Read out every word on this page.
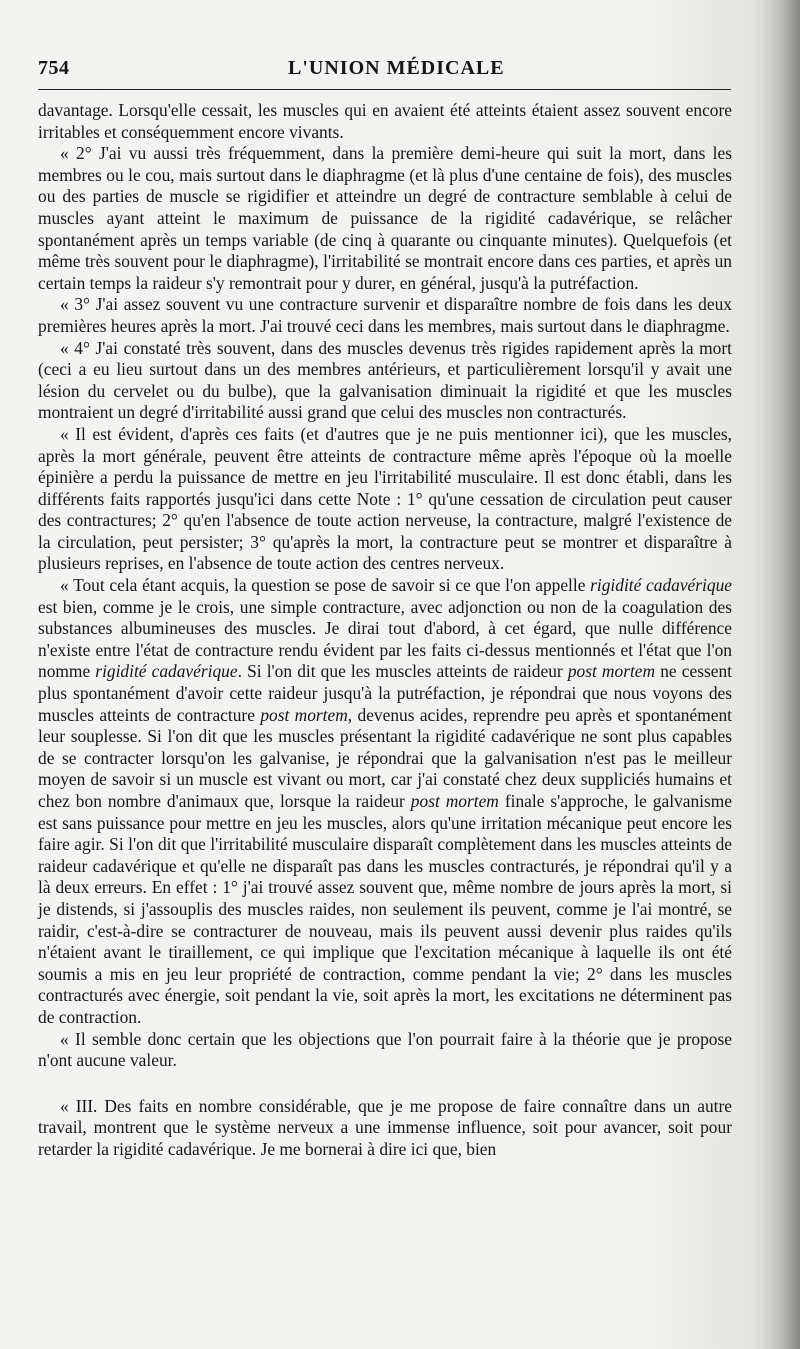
754	L'UNION MÉDICALE

davantage. Lorsqu'elle cessait, les muscles qui en avaient été atteints étaient assez souvent encore irritables et conséquemment encore vivants.

« 2° J'ai vu aussi très fréquemment, dans la première demi-heure qui suit la mort, dans les membres ou le cou, mais surtout dans le diaphragme (et là plus d'une centaine de fois), des muscles ou des parties de muscle se rigidifier et atteindre un degré de contracture semblable à celui de muscles ayant atteint le maximum de puissance de la rigidité cadavérique, se relâcher spontanément après un temps variable (de cinq à quarante ou cinquante minutes). Quelquefois (et même très souvent pour le diaphragme), l'irritabilité se montrait encore dans ces parties, et après un certain temps la raideur s'y remontrait pour y durer, en général, jusqu'à la putréfaction.

« 3° J'ai assez souvent vu une contracture survenir et disparaître nombre de fois dans les deux premières heures après la mort. J'ai trouvé ceci dans les membres, mais surtout dans le diaphragme.

« 4° J'ai constaté très souvent, dans des muscles devenus très rigides rapidement après la mort (ceci a eu lieu surtout dans un des membres antérieurs, et particulièrement lorsqu'il y avait une lésion du cervelet ou du bulbe), que la galvanisation diminuait la rigidité et que les muscles montraient un degré d'irritabilité aussi grand que celui des muscles non contracturés.

« Il est évident, d'après ces faits (et d'autres que je ne puis mentionner ici), que les muscles, après la mort générale, peuvent être atteints de contracture même après l'époque où la moelle épinière a perdu la puissance de mettre en jeu l'irritabilité musculaire. Il est donc établi, dans les différents faits rapportés jusqu'ici dans cette Note : 1° qu'une cessation de circulation peut causer des contractures; 2° qu'en l'absence de toute action nerveuse, la contracture, malgré l'existence de la circulation, peut persister; 3° qu'après la mort, la contracture peut se montrer et disparaître à plusieurs reprises, en l'absence de toute action des centres nerveux.

« Tout cela étant acquis, la question se pose de savoir si ce que l'on appelle rigidité cadavérique est bien, comme je le crois, une simple contracture, avec adjonction ou non de la coagulation des substances albumineuses des muscles. Je dirai tout d'abord, à cet égard, que nulle différence n'existe entre l'état de contracture rendu évident par les faits ci-dessus mentionnés et l'état que l'on nomme rigidité cadavérique. Si l'on dit que les muscles atteints de raideur post mortem ne cessent plus spontanément d'avoir cette raideur jusqu'à la putréfaction, je répondrai que nous voyons des muscles atteints de contracture post mortem, devenus acides, reprendre peu après et spontanément leur souplesse. Si l'on dit que les muscles présentant la rigidité cadavérique ne sont plus capables de se contracter lorsqu'on les galvanise, je répondrai que la galvanisation n'est pas le meilleur moyen de savoir si un muscle est vivant ou mort, car j'ai constaté chez deux suppliciés humains et chez bon nombre d'animaux que, lorsque la raideur post mortem finale s'approche, le galvanisme est sans puissance pour mettre en jeu les muscles, alors qu'une irritation mécanique peut encore les faire agir. Si l'on dit que l'irritabilité musculaire disparaît complètement dans les muscles atteints de raideur cadavérique et qu'elle ne disparaît pas dans les muscles contracturés, je répondrai qu'il y a là deux erreurs. En effet : 1° j'ai trouvé assez souvent que, même nombre de jours après la mort, si je distends, si j'assouplis des muscles raides, non seulement ils peuvent, comme je l'ai montré, se raidir, c'est-à-dire se contracturer de nouveau, mais ils peuvent aussi devenir plus raides qu'ils n'étaient avant le tiraillement, ce qui implique que l'excitation mécanique à laquelle ils ont été soumis a mis en jeu leur propriété de contraction, comme pendant la vie; 2° dans les muscles contracturés avec énergie, soit pendant la vie, soit après la mort, les excitations ne déterminent pas de contraction.

« Il semble donc certain que les objections que l'on pourrait faire à la théorie que je propose n'ont aucune valeur.

« III. Des faits en nombre considérable, que je me propose de faire connaître dans un autre travail, montrent que le système nerveux a une immense influence, soit pour avancer, soit pour retarder la rigidité cadavérique. Je me bornerai à dire ici que, bien
